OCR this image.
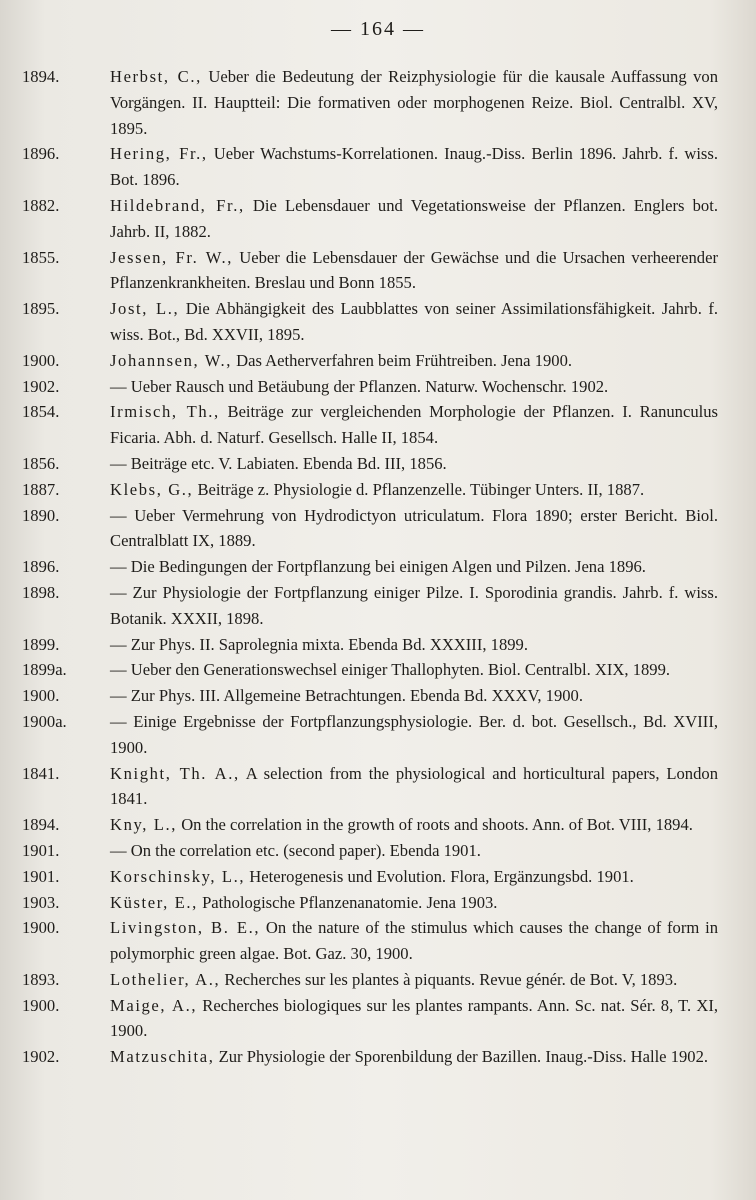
— 164 —
1894.	Herbst, C., Ueber die Bedeutung der Reizphysiologie für die kausale Auffassung von Vorgängen. II. Hauptteil: Die formativen oder morphogenen Reize. Biol. Centralbl. XV, 1895.
1896.	Hering, Fr., Ueber Wachstums-Korrelationen. Inaug.-Diss. Berlin 1896. Jahrb. f. wiss. Bot. 1896.
1882.	Hildebrand, Fr., Die Lebensdauer und Vegetationsweise der Pflanzen. Englers bot. Jahrb. II, 1882.
1855.	Jessen, Fr. W., Ueber die Lebensdauer der Gewächse und die Ursachen verheerender Pflanzenkrankheiten. Breslau und Bonn 1855.
1895.	Jost, L., Die Abhängigkeit des Laubblattes von seiner Assimilationsfähigkeit. Jahrb. f. wiss. Bot., Bd. XXVII, 1895.
1900.	Johannsen, W., Das Aetherverfahren beim Frühtreiben. Jena 1900.
1902.	— Ueber Rausch und Betäubung der Pflanzen. Naturw. Wochenschr. 1902.
1854.	Irmisch, Th., Beiträge zur vergleichenden Morphologie der Pflanzen. I. Ranunculus Ficaria. Abh. d. Naturf. Gesellsch. Halle II, 1854.
1856.	— Beiträge etc. V. Labiaten. Ebenda Bd. III, 1856.
1887.	Klebs, G., Beiträge z. Physiologie d. Pflanzenzelle. Tübinger Unters. II, 1887.
1890.	— Ueber Vermehrung von Hydrodictyon utriculatum. Flora 1890; erster Bericht. Biol. Centralblatt IX, 1889.
1896.	— Die Bedingungen der Fortpflanzung bei einigen Algen und Pilzen. Jena 1896.
1898.	— Zur Physiologie der Fortpflanzung einiger Pilze. I. Sporodinia grandis. Jahrb. f. wiss. Botanik. XXXII, 1898.
1899.	— Zur Phys. II. Saprolegnia mixta. Ebenda Bd. XXXIII, 1899.
1899a.	— Ueber den Generationswechsel einiger Thallophyten. Biol. Centralbl. XIX, 1899.
1900.	— Zur Phys. III. Allgemeine Betrachtungen. Ebenda Bd. XXXV, 1900.
1900a.	— Einige Ergebnisse der Fortpflanzungsphysiologie. Ber. d. bot. Gesellsch., Bd. XVIII, 1900.
1841.	Knight, Th. A., A selection from the physiological and horticultural papers, London 1841.
1894.	Kny, L., On the correlation in the growth of roots and shoots. Ann. of Bot. VIII, 1894.
1901.	— On the correlation etc. (second paper). Ebenda 1901.
1901.	Korschinsky, L., Heterogenesis und Evolution. Flora, Ergänzungsbd. 1901.
1903.	Küster, E., Pathologische Pflanzenanatomie. Jena 1903.
1900.	Livingston, B. E., On the nature of the stimulus which causes the change of form in polymorphic green algae. Bot. Gaz. 30, 1900.
1893.	Lothelier, A., Recherches sur les plantes à piquants. Revue génér. de Bot. V, 1893.
1900.	Maige, A., Recherches biologiques sur les plantes rampants. Ann. Sc. nat. Sér. 8, T. XI, 1900.
1902.	Matzuschita, Zur Physiologie der Sporenbildung der Bazillen. Inaug.-Diss. Halle 1902.
